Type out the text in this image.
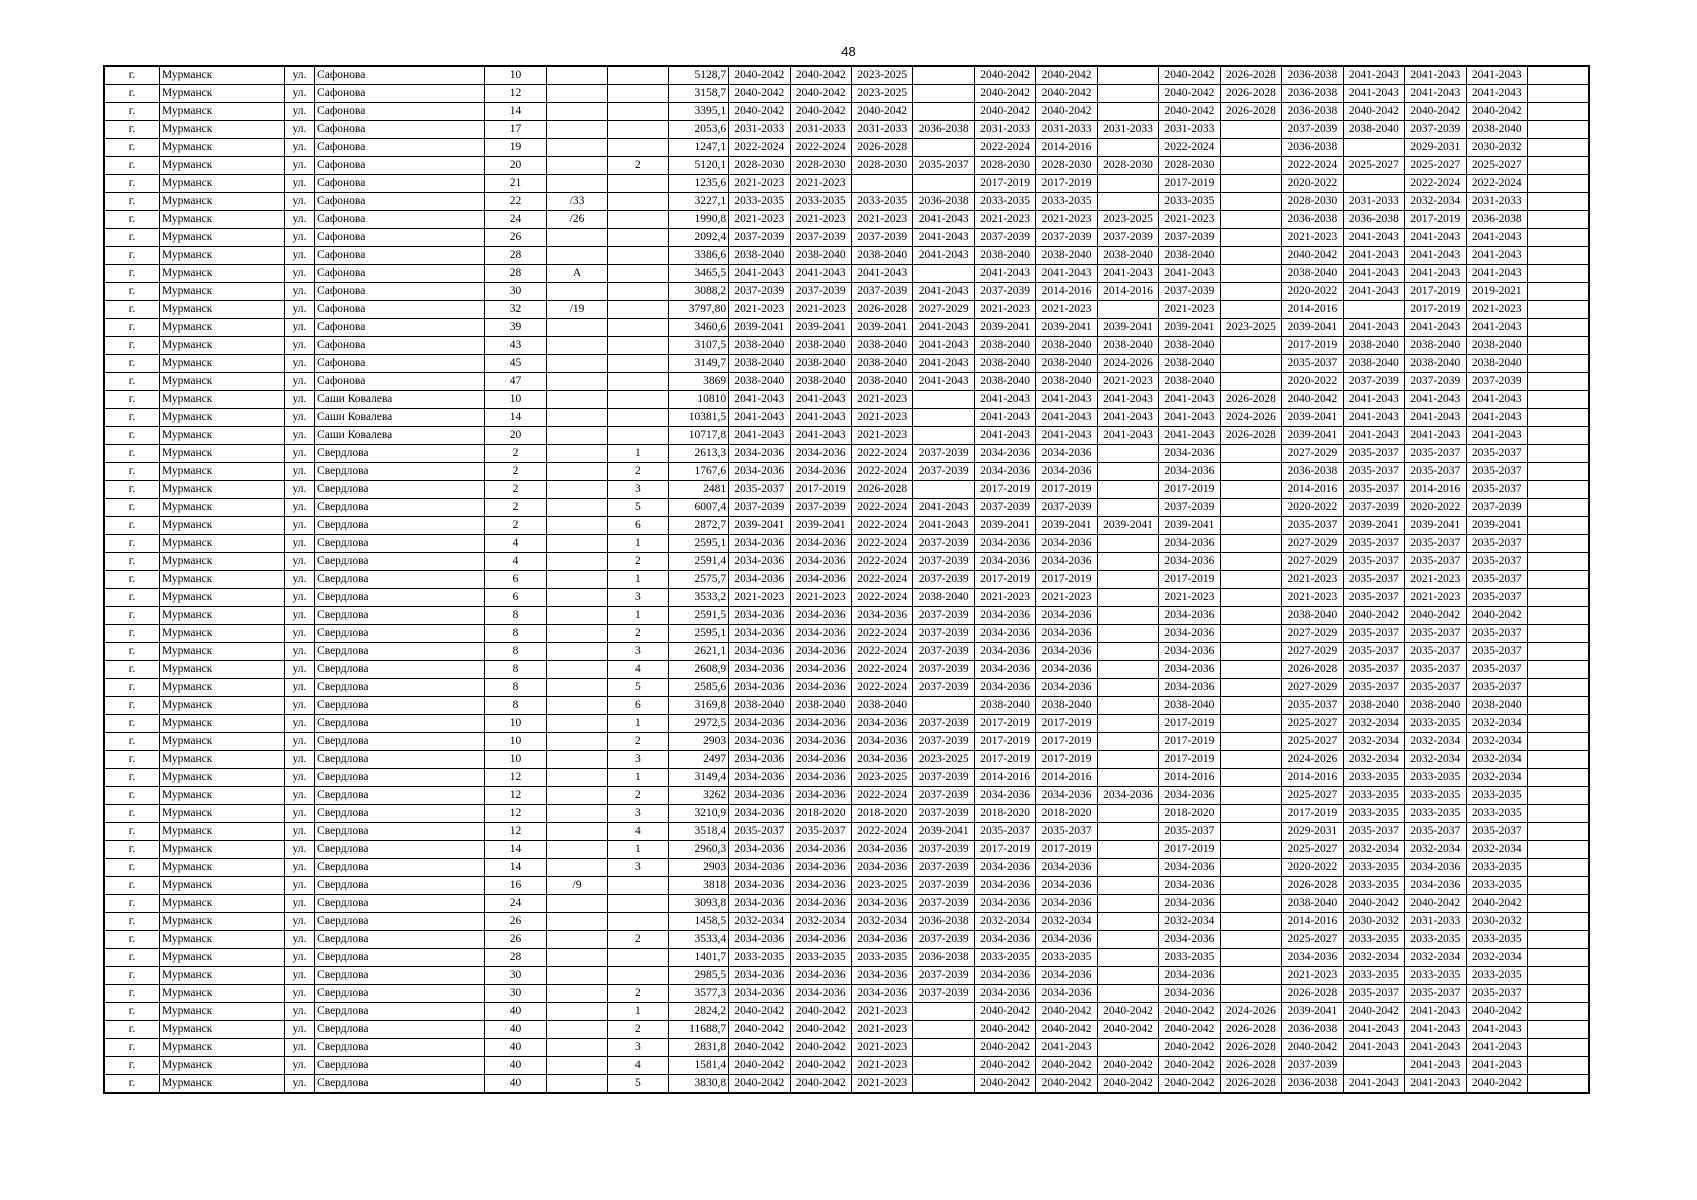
48
г.	Мурманск	ул.	Сафонова	10			5128,7	2040-2042	2040-2042	2023-2025		2040-2042	2040-2042		2040-2042	2026-2028	2036-2038	2041-2043	2041-2043	2041-2043	
г.	Мурманск	ул.	Сафонова	12			3158,7	2040-2042	2040-2042	2023-2025		2040-2042	2040-2042		2040-2042	2026-2028	2036-2038	2041-2043	2041-2043	2041-2043	
г.	Мурманск	ул.	Сафонова	14			3395,1	2040-2042	2040-2042	2040-2042		2040-2042	2040-2042		2040-2042	2026-2028	2036-2038	2040-2042	2040-2042	2040-2042	
г.	Мурманск	ул.	Сафонова	17			2053,6	2031-2033	2031-2033	2031-2033	2036-2038	2031-2033	2031-2033	2031-2033	2031-2033		2037-2039	2038-2040	2037-2039	2038-2040	
г.	Мурманск	ул.	Сафонова	19			1247,1	2022-2024	2022-2024	2026-2028		2022-2024	2014-2016		2022-2024		2036-2038		2029-2031	2030-2032	
г.	Мурманск	ул.	Сафонова	20		2	5120,1	2028-2030	2028-2030	2028-2030	2035-2037	2028-2030	2028-2030	2028-2030	2028-2030		2022-2024	2025-2027	2025-2027	2025-2027	
г.	Мурманск	ул.	Сафонова	21			1235,6	2021-2023	2021-2023			2017-2019	2017-2019		2017-2019		2020-2022		2022-2024	2022-2024	
г.	Мурманск	ул.	Сафонова	22	/33		3227,1	2033-2035	2033-2035	2033-2035	2036-2038	2033-2035	2033-2035		2033-2035		2028-2030	2031-2033	2032-2034	2031-2033	
г.	Мурманск	ул.	Сафонова	24	/26		1990,8	2021-2023	2021-2023	2021-2023	2041-2043	2021-2023	2021-2023	2023-2025	2021-2023		2036-2038	2036-2038	2017-2019	2036-2038	
г.	Мурманск	ул.	Сафонова	26			2092,4	2037-2039	2037-2039	2037-2039	2041-2043	2037-2039	2037-2039	2037-2039	2037-2039		2021-2023	2041-2043	2041-2043	2041-2043	
г.	Мурманск	ул.	Сафонова	28			3386,6	2038-2040	2038-2040	2038-2040	2041-2043	2038-2040	2038-2040	2038-2040	2038-2040		2040-2042	2041-2043	2041-2043	2041-2043	
г.	Мурманск	ул.	Сафонова	28	А		3465,5	2041-2043	2041-2043	2041-2043		2041-2043	2041-2043	2041-2043	2041-2043		2038-2040	2041-2043	2041-2043	2041-2043	
г.	Мурманск	ул.	Сафонова	30			3088,2	2037-2039	2037-2039	2037-2039	2041-2043	2037-2039	2014-2016	2014-2016	2037-2039		2020-2022	2041-2043	2017-2019	2019-2021	
г.	Мурманск	ул.	Сафонова	32	/19		3797,80	2021-2023	2021-2023	2026-2028	2027-2029	2021-2023	2021-2023		2021-2023		2014-2016		2017-2019	2021-2023	
г.	Мурманск	ул.	Сафонова	39			3460,6	2039-2041	2039-2041	2039-2041	2041-2043	2039-2041	2039-2041	2039-2041	2039-2041	2023-2025	2039-2041	2041-2043	2041-2043	2041-2043	
г.	Мурманск	ул.	Сафонова	43			3107,5	2038-2040	2038-2040	2038-2040	2041-2043	2038-2040	2038-2040	2038-2040	2038-2040		2017-2019	2038-2040	2038-2040	2038-2040	
г.	Мурманск	ул.	Сафонова	45			3149,7	2038-2040	2038-2040	2038-2040	2041-2043	2038-2040	2038-2040	2024-2026	2038-2040		2035-2037	2038-2040	2038-2040	2038-2040	
г.	Мурманск	ул.	Сафонова	47			3869	2038-2040	2038-2040	2038-2040	2041-2043	2038-2040	2038-2040	2021-2023	2038-2040		2020-2022	2037-2039	2037-2039	2037-2039	
г.	Мурманск	ул.	Саши Ковалева	10			10810	2041-2043	2041-2043	2021-2023		2041-2043	2041-2043	2041-2043	2041-2043	2026-2028	2040-2042	2041-2043	2041-2043	2041-2043	
г.	Мурманск	ул.	Саши Ковалева	14			10381,5	2041-2043	2041-2043	2021-2023		2041-2043	2041-2043	2041-2043	2041-2043	2024-2026	2039-2041	2041-2043	2041-2043	2041-2043	
г.	Мурманск	ул.	Саши Ковалева	20			10717,8	2041-2043	2041-2043	2021-2023		2041-2043	2041-2043	2041-2043	2041-2043	2026-2028	2039-2041	2041-2043	2041-2043	2041-2043	
г.	Мурманск	ул.	Свердлова	2		1	2613,3	2034-2036	2034-2036	2022-2024	2037-2039	2034-2036	2034-2036		2034-2036		2027-2029	2035-2037	2035-2037	2035-2037	
г.	Мурманск	ул.	Свердлова	2		2	1767,6	2034-2036	2034-2036	2022-2024	2037-2039	2034-2036	2034-2036		2034-2036		2036-2038	2035-2037	2035-2037	2035-2037	
г.	Мурманск	ул.	Свердлова	2		3	2481	2035-2037	2017-2019	2026-2028		2017-2019	2017-2019		2017-2019		2014-2016	2035-2037	2014-2016	2035-2037	
г.	Мурманск	ул.	Свердлова	2		5	6007,4	2037-2039	2037-2039	2022-2024	2041-2043	2037-2039	2037-2039		2037-2039		2020-2022	2037-2039	2020-2022	2037-2039	
г.	Мурманск	ул.	Свердлова	2		6	2872,7	2039-2041	2039-2041	2022-2024	2041-2043	2039-2041	2039-2041	2039-2041	2039-2041		2035-2037	2039-2041	2039-2041	2039-2041	
г.	Мурманск	ул.	Свердлова	4		1	2595,1	2034-2036	2034-2036	2022-2024	2037-2039	2034-2036	2034-2036		2034-2036		2027-2029	2035-2037	2035-2037	2035-2037	
г.	Мурманск	ул.	Свердлова	4		2	2591,4	2034-2036	2034-2036	2022-2024	2037-2039	2034-2036	2034-2036		2034-2036		2027-2029	2035-2037	2035-2037	2035-2037	
г.	Мурманск	ул.	Свердлова	6		1	2575,7	2034-2036	2034-2036	2022-2024	2037-2039	2017-2019	2017-2019		2017-2019		2021-2023	2035-2037	2021-2023	2035-2037	
г.	Мурманск	ул.	Свердлова	6		3	3533,2	2021-2023	2021-2023	2022-2024	2038-2040	2021-2023	2021-2023		2021-2023		2021-2023	2035-2037	2021-2023	2035-2037	
г.	Мурманск	ул.	Свердлова	8		1	2591,5	2034-2036	2034-2036	2034-2036	2037-2039	2034-2036	2034-2036		2034-2036		2038-2040	2040-2042	2040-2042	2040-2042	
г.	Мурманск	ул.	Свердлова	8		2	2595,1	2034-2036	2034-2036	2022-2024	2037-2039	2034-2036	2034-2036		2034-2036		2027-2029	2035-2037	2035-2037	2035-2037	
г.	Мурманск	ул.	Свердлова	8		3	2621,1	2034-2036	2034-2036	2022-2024	2037-2039	2034-2036	2034-2036		2034-2036		2027-2029	2035-2037	2035-2037	2035-2037	
г.	Мурманск	ул.	Свердлова	8		4	2608,9	2034-2036	2034-2036	2022-2024	2037-2039	2034-2036	2034-2036		2034-2036		2026-2028	2035-2037	2035-2037	2035-2037	
г.	Мурманск	ул.	Свердлова	8		5	2585,6	2034-2036	2034-2036	2022-2024	2037-2039	2034-2036	2034-2036		2034-2036		2027-2029	2035-2037	2035-2037	2035-2037	
г.	Мурманск	ул.	Свердлова	8		6	3169,8	2038-2040	2038-2040	2038-2040		2038-2040	2038-2040		2038-2040		2035-2037	2038-2040	2038-2040	2038-2040	
г.	Мурманск	ул.	Свердлова	10		1	2972,5	2034-2036	2034-2036	2034-2036	2037-2039	2017-2019	2017-2019		2017-2019		2025-2027	2032-2034	2033-2035	2032-2034	
г.	Мурманск	ул.	Свердлова	10		2	2903	2034-2036	2034-2036	2034-2036	2037-2039	2017-2019	2017-2019		2017-2019		2025-2027	2032-2034	2032-2034	2032-2034	
г.	Мурманск	ул.	Свердлова	10		3	2497	2034-2036	2034-2036	2034-2036	2023-2025	2017-2019	2017-2019		2017-2019		2024-2026	2032-2034	2032-2034	2032-2034	
г.	Мурманск	ул.	Свердлова	12		1	3149,4	2034-2036	2034-2036	2023-2025	2037-2039	2014-2016	2014-2016		2014-2016		2014-2016	2033-2035	2033-2035	2032-2034	
г.	Мурманск	ул.	Свердлова	12		2	3262	2034-2036	2034-2036	2022-2024	2037-2039	2034-2036	2034-2036	2034-2036	2034-2036		2025-2027	2033-2035	2033-2035	2033-2035	
г.	Мурманск	ул.	Свердлова	12		3	3210,9	2034-2036	2018-2020	2018-2020	2037-2039	2018-2020	2018-2020		2018-2020		2017-2019	2033-2035	2033-2035	2033-2035	
г.	Мурманск	ул.	Свердлова	12		4	3518,4	2035-2037	2035-2037	2022-2024	2039-2041	2035-2037	2035-2037		2035-2037		2029-2031	2035-2037	2035-2037	2035-2037	
г.	Мурманск	ул.	Свердлова	14		1	2960,3	2034-2036	2034-2036	2034-2036	2037-2039	2017-2019	2017-2019		2017-2019		2025-2027	2032-2034	2032-2034	2032-2034	
г.	Мурманск	ул.	Свердлова	14		3	2903	2034-2036	2034-2036	2034-2036	2037-2039	2034-2036	2034-2036		2034-2036		2020-2022	2033-2035	2034-2036	2033-2035	
г.	Мурманск	ул.	Свердлова	16	/9		3818	2034-2036	2034-2036	2023-2025	2037-2039	2034-2036	2034-2036		2034-2036		2026-2028	2033-2035	2034-2036	2033-2035	
г.	Мурманск	ул.	Свердлова	24			3093,8	2034-2036	2034-2036	2034-2036	2037-2039	2034-2036	2034-2036		2034-2036		2038-2040	2040-2042	2040-2042	2040-2042	
г.	Мурманск	ул.	Свердлова	26			1458,5	2032-2034	2032-2034	2032-2034	2036-2038	2032-2034	2032-2034		2032-2034		2014-2016	2030-2032	2031-2033	2030-2032	
г.	Мурманск	ул.	Свердлова	26		2	3533,4	2034-2036	2034-2036	2034-2036	2037-2039	2034-2036	2034-2036		2034-2036		2025-2027	2033-2035	2033-2035	2033-2035	
г.	Мурманск	ул.	Свердлова	28			1401,7	2033-2035	2033-2035	2033-2035	2036-2038	2033-2035	2033-2035		2033-2035		2034-2036	2032-2034	2032-2034	2032-2034	
г.	Мурманск	ул.	Свердлова	30			2985,5	2034-2036	2034-2036	2034-2036	2037-2039	2034-2036	2034-2036		2034-2036		2021-2023	2033-2035	2033-2035	2033-2035	
г.	Мурманск	ул.	Свердлова	30		2	3577,3	2034-2036	2034-2036	2034-2036	2037-2039	2034-2036	2034-2036		2034-2036		2026-2028	2035-2037	2035-2037	2035-2037	
г.	Мурманск	ул.	Свердлова	40		1	2824,2	2040-2042	2040-2042	2021-2023		2040-2042	2040-2042	2040-2042	2040-2042	2024-2026	2039-2041	2040-2042	2041-2043	2040-2042	
г.	Мурманск	ул.	Свердлова	40		2	11688,7	2040-2042	2040-2042	2021-2023		2040-2042	2040-2042	2040-2042	2040-2042	2026-2028	2036-2038	2041-2043	2041-2043	2041-2043	
г.	Мурманск	ул.	Свердлова	40		3	2831,8	2040-2042	2040-2042	2021-2023		2040-2042	2041-2043		2040-2042	2026-2028	2040-2042	2041-2043	2041-2043	2041-2043	
г.	Мурманск	ул.	Свердлова	40		4	1581,4	2040-2042	2040-2042	2021-2023		2040-2042	2040-2042	2040-2042	2040-2042	2026-2028	2037-2039		2041-2043	2041-2043	
г.	Мурманск	ул.	Свердлова	40		5	3830,8	2040-2042	2040-2042	2021-2023		2040-2042	2040-2042	2040-2042	2040-2042	2026-2028	2036-2038	2041-2043	2041-2043	2040-2042	
